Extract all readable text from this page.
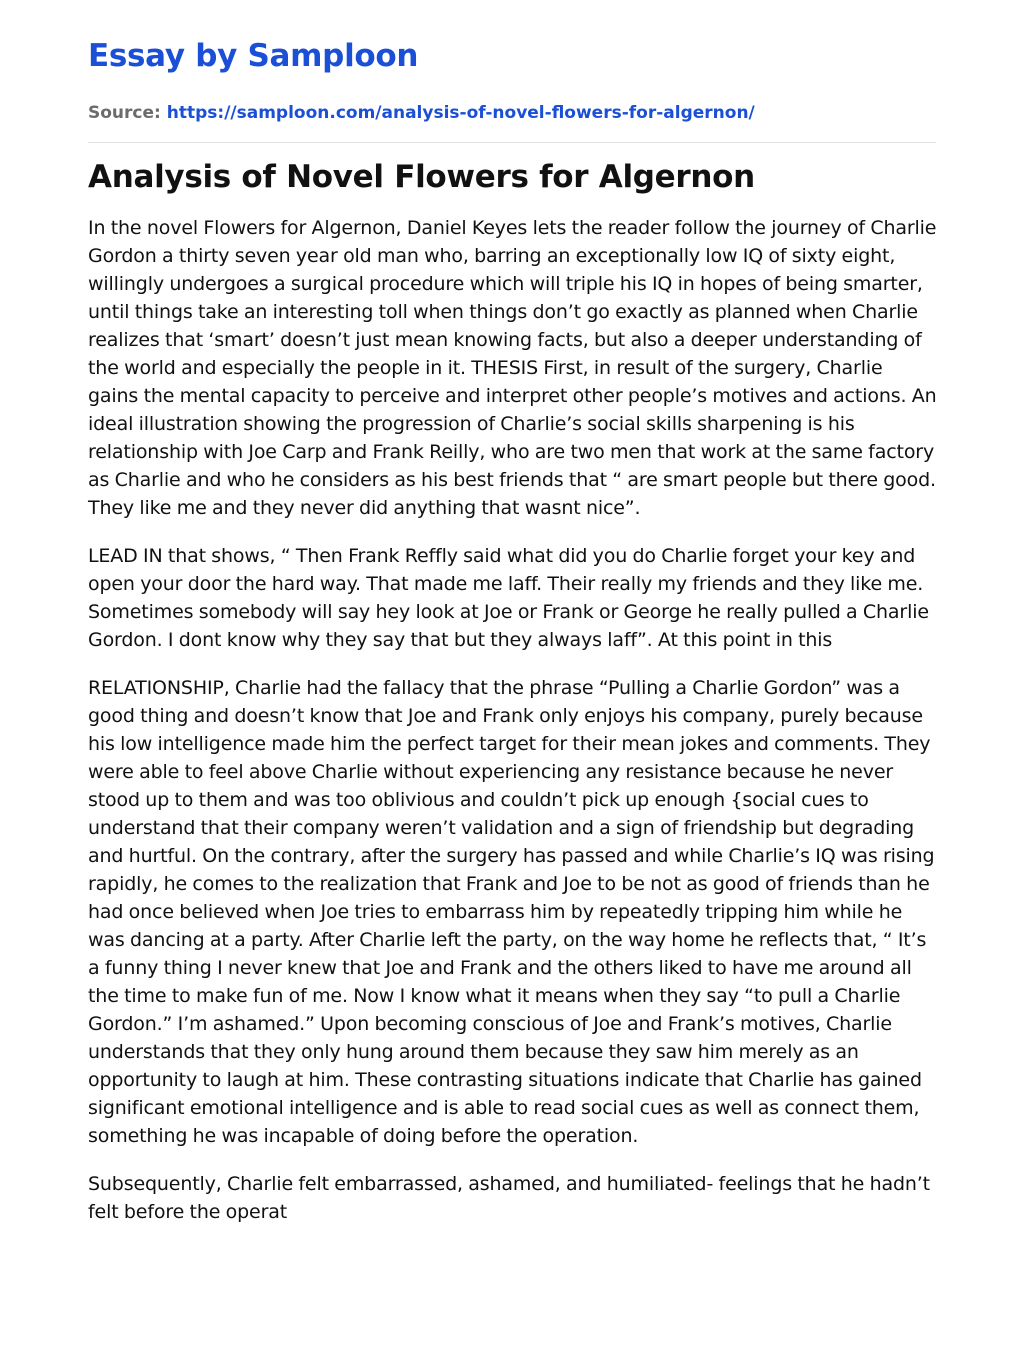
Essay by Samploon
Source: https://samploon.com/analysis-of-novel-flowers-for-algernon/
Analysis of Novel Flowers for Algernon

In the novel Flowers for Algernon, Daniel Keyes lets the reader follow the journey of Charlie Gordon a thirty seven year old man who, barring an exceptionally low IQ of sixty eight, willingly undergoes a surgical procedure which will triple his IQ in hopes of being smarter, until things take an interesting toll when things don’t go exactly as planned when Charlie realizes that ‘smart’ doesn’t just mean knowing facts, but also a deeper understanding of the world and especially the people in it. THESIS First, in result of the surgery, Charlie gains the mental capacity to perceive and interpret other people’s motives and actions. An ideal illustration showing the progression of Charlie’s social skills sharpening is his relationship with Joe Carp and Frank Reilly, who are two men that work at the same factory as Charlie and who he considers as his best friends that “ are smart people but there good. They like me and they never did anything that wasnt nice”.

LEAD IN that shows, “ Then Frank Reffly said what did you do Charlie forget your key and open your door the hard way. That made me laff. Their really my friends and they like me. Sometimes somebody will say hey look at Joe or Frank or George he really pulled a Charlie Gordon. I dont know why they say that but they always laff”. At this point in this

RELATIONSHIP, Charlie had the fallacy that the phrase “Pulling a Charlie Gordon” was a good thing and doesn’t know that Joe and Frank only enjoys his company, purely because his low intelligence made him the perfect target for their mean jokes and comments. They were able to feel above Charlie without experiencing any resistance because he never stood up to them and was too oblivious and couldn’t pick up enough {social cues to understand that their company weren’t validation and a sign of friendship but degrading and hurtful. On the contrary, after the surgery has passed and while Charlie’s IQ was rising rapidly, he comes to the realization that Frank and Joe to be not as good of friends than he had once believed when Joe tries to embarrass him by repeatedly tripping him while he was dancing at a party. After Charlie left the party, on the way home he reflects that, “ It’s a funny thing I never knew that Joe and Frank and the others liked to have me around all the time to make fun of me. Now I know what it means when they say “to pull a Charlie Gordon.” I’m ashamed.” Upon becoming conscious of Joe and Frank’s motives, Charlie understands that they only hung around them because they saw him merely as an opportunity to laugh at him. These contrasting situations indicate that Charlie has gained significant emotional intelligence and is able to read social cues as well as connect them, something he was incapable of doing before the operation.

Subsequently, Charlie felt embarrassed, ashamed, and humiliated- feelings that he hadn’t felt before the operat
